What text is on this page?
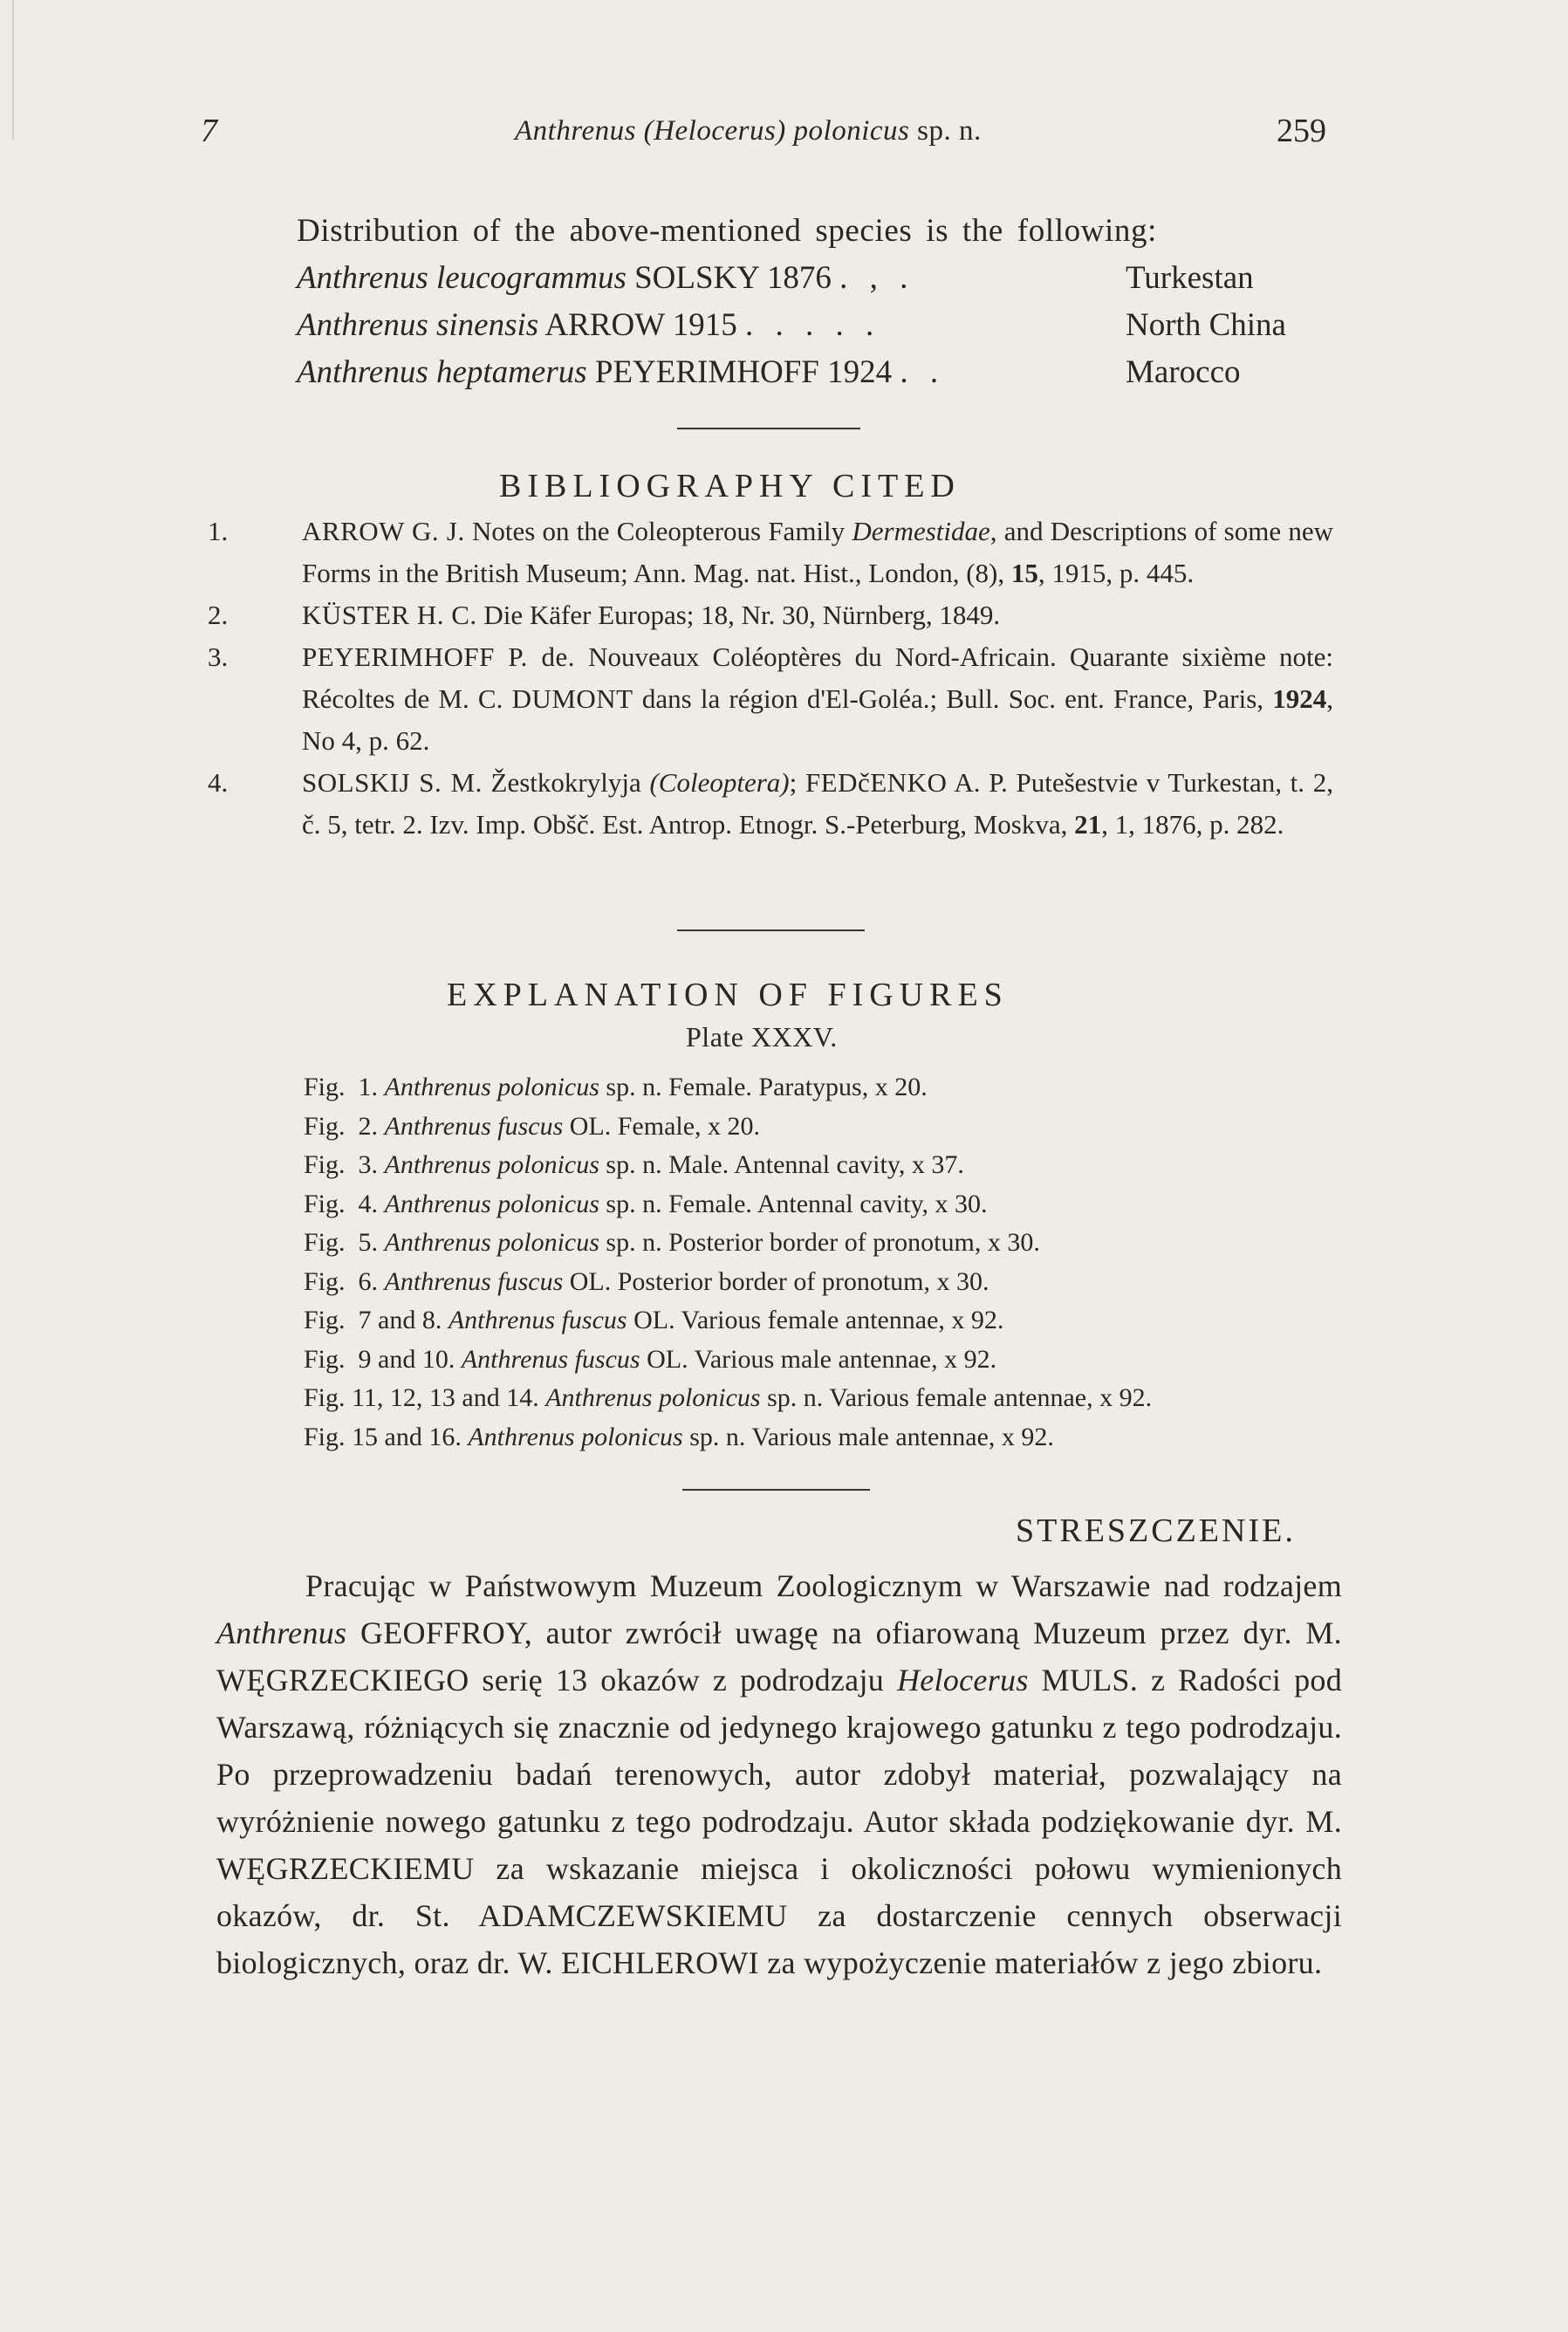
7	Anthrenus (Helocerus) polonicus sp. n.	259
Distribution of the above-mentioned species is the following:
Anthrenus leucogrammus SOLSKY 1876 . , .	Turkestan
Anthrenus sinensis ARROW 1915 . . . . .	North China
Anthrenus heptamerus PEYERIMHOFF 1924 . .	Marocco
BIBLIOGRAPHY CITED
1.	ARROW G. J. Notes on the Coleopterous Family Dermestidae, and Descriptions of some new Forms in the British Museum; Ann. Mag. nat. Hist., London, (8), 15, 1915, p. 445.
2.	KÜSTER H. C. Die Käfer Europas; 18, Nr. 30, Nürnberg, 1849.
3.	PEYERIMHOFF P. de. Nouveaux Coléoptères du Nord-Africain. Quarante sixième note: Récoltes de M. C. DUMONT dans la région d'El-Goléa.; Bull. Soc. ent. France, Paris, 1924, No 4, p. 62.
4.	SOLSKIJ S. M. Žestkokrylyja (Coleoptera); FEDčENKO A. P. Putešestvie v Turkestan, t. 2, č. 5, tetr. 2. Izv. Imp. Obšč. Est. Antrop. Etnogr. S.-Peterburg, Moskva, 21, 1, 1876, p. 282.
EXPLANATION OF FIGURES
Plate XXXV.
Fig. 1. Anthrenus polonicus sp. n. Female. Paratypus, x 20.
Fig. 2. Anthrenus fuscus OL. Female, x 20.
Fig. 3. Anthrenus polonicus sp. n. Male. Antennal cavity, x 37.
Fig. 4. Anthrenus polonicus sp. n. Female. Antennal cavity, x 30.
Fig. 5. Anthrenus polonicus sp. n. Posterior border of pronotum, x 30.
Fig. 6. Anthrenus fuscus OL. Posterior border of pronotum, x 30.
Fig. 7 and 8. Anthrenus fuscus OL. Various female antennae, x 92.
Fig. 9 and 10. Anthrenus fuscus OL. Various male antennae, x 92.
Fig. 11, 12, 13 and 14. Anthrenus polonicus sp. n. Various female antennae, x 92.
Fig. 15 and 16. Anthrenus polonicus sp. n. Various male antennae, x 92.
STRESZCZENIE.

Pracując w Państwowym Muzeum Zoologicznym w Warszawie nad rodzajem Anthrenus GEOFFROY, autor zwrócił uwagę na ofiarowaną Muzeum przez dyr. M. WĘGRZECKIEGO serię 13 okazów z podrodzaju Helocerus MULS. z Radości pod Warszawą, różniących się znacznie od jedynego krajowego gatunku z tego podrodzaju. Po przeprowadzeniu badań terenowych, autor zdobył materiał, pozwalający na wyróżnienie nowego gatunku z tego podrodzaju. Autor składa podziękowanie dyr. M. WĘGRZECKIEMU za wskazanie miejsca i okoliczności połowu wymienionych okazów, dr. St. ADAMCZEWSKIEMU za dostarczenie cennych obserwacji biologicznych, oraz dr. W. EICHLEROWI za wypożyczenie materiałów z jego zbioru.
